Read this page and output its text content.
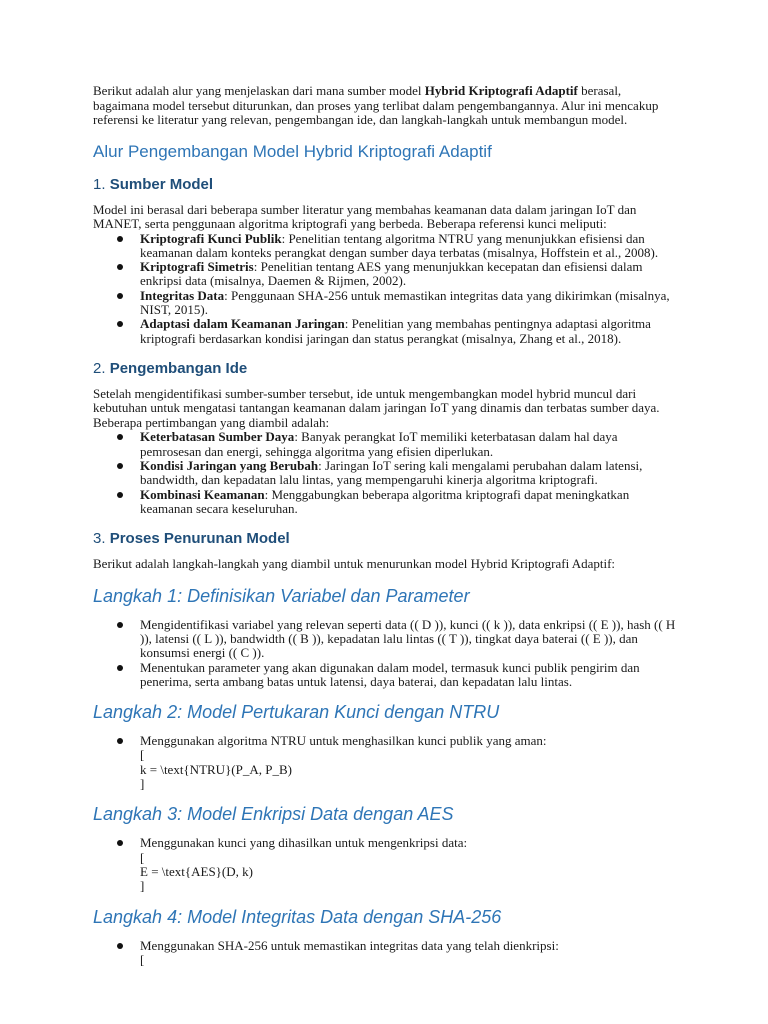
Berikut adalah alur yang menjelaskan dari mana sumber model Hybrid Kriptografi Adaptif berasal, bagaimana model tersebut diturunkan, dan proses yang terlibat dalam pengembangannya. Alur ini mencakup referensi ke literatur yang relevan, pengembangan ide, dan langkah-langkah untuk membangun model.

Alur Pengembangan Model Hybrid Kriptografi Adaptif
1. Sumber Model

Model ini berasal dari beberapa sumber literatur yang membahas keamanan data dalam jaringan IoT dan MANET, serta penggunaan algoritma kriptografi yang berbeda. Beberapa referensi kunci meliputi:

Kriptografi Kunci Publik: Penelitian tentang algoritma NTRU yang menunjukkan efisiensi dan keamanan dalam konteks perangkat dengan sumber daya terbatas (misalnya, Hoffstein et al., 2008).
Kriptografi Simetris: Penelitian tentang AES yang menunjukkan kecepatan dan efisiensi dalam enkripsi data (misalnya, Daemen & Rijmen, 2002).
Integritas Data: Penggunaan SHA-256 untuk memastikan integritas data yang dikirimkan (misalnya, NIST, 2015).
Adaptasi dalam Keamanan Jaringan: Penelitian yang membahas pentingnya adaptasi algoritma kriptografi berdasarkan kondisi jaringan dan status perangkat (misalnya, Zhang et al., 2018).
2. Pengembangan Ide

Setelah mengidentifikasi sumber-sumber tersebut, ide untuk mengembangkan model hybrid muncul dari kebutuhan untuk mengatasi tantangan keamanan dalam jaringan IoT yang dinamis dan terbatas sumber daya. Beberapa pertimbangan yang diambil adalah:

Keterbatasan Sumber Daya: Banyak perangkat IoT memiliki keterbatasan dalam hal daya pemrosesan dan energi, sehingga algoritma yang efisien diperlukan.
Kondisi Jaringan yang Berubah: Jaringan IoT sering kali mengalami perubahan dalam latensi, bandwidth, dan kepadatan lalu lintas, yang mempengaruhi kinerja algoritma kriptografi.
Kombinasi Keamanan: Menggabungkan beberapa algoritma kriptografi dapat meningkatkan keamanan secara keseluruhan.
3. Proses Penurunan Model

Berikut adalah langkah-langkah yang diambil untuk menurunkan model Hybrid Kriptografi Adaptif:

Langkah 1: Definisikan Variabel dan Parameter
Mengidentifikasi variabel yang relevan seperti data (( D )), kunci (( k )), data enkripsi (( E )), hash (( H )), latensi (( L )), bandwidth (( B )), kepadatan lalu lintas (( T )), tingkat daya baterai (( E )), dan konsumsi energi (( C )).
Menentukan parameter yang akan digunakan dalam model, termasuk kunci publik pengirim dan penerima, serta ambang batas untuk latensi, daya baterai, dan kepadatan lalu lintas.
Langkah 2: Model Pertukaran Kunci dengan NTRU
Menggunakan algoritma NTRU untuk menghasilkan kunci publik yang aman:
[
k = \text{NTRU}(P_A, P_B)
]
Langkah 3: Model Enkripsi Data dengan AES
Menggunakan kunci yang dihasilkan untuk mengenkripsi data:
[
E = \text{AES}(D, k)
]
Langkah 4: Model Integritas Data dengan SHA-256
Menggunakan SHA-256 untuk memastikan integritas data yang telah dienkripsi:
[
